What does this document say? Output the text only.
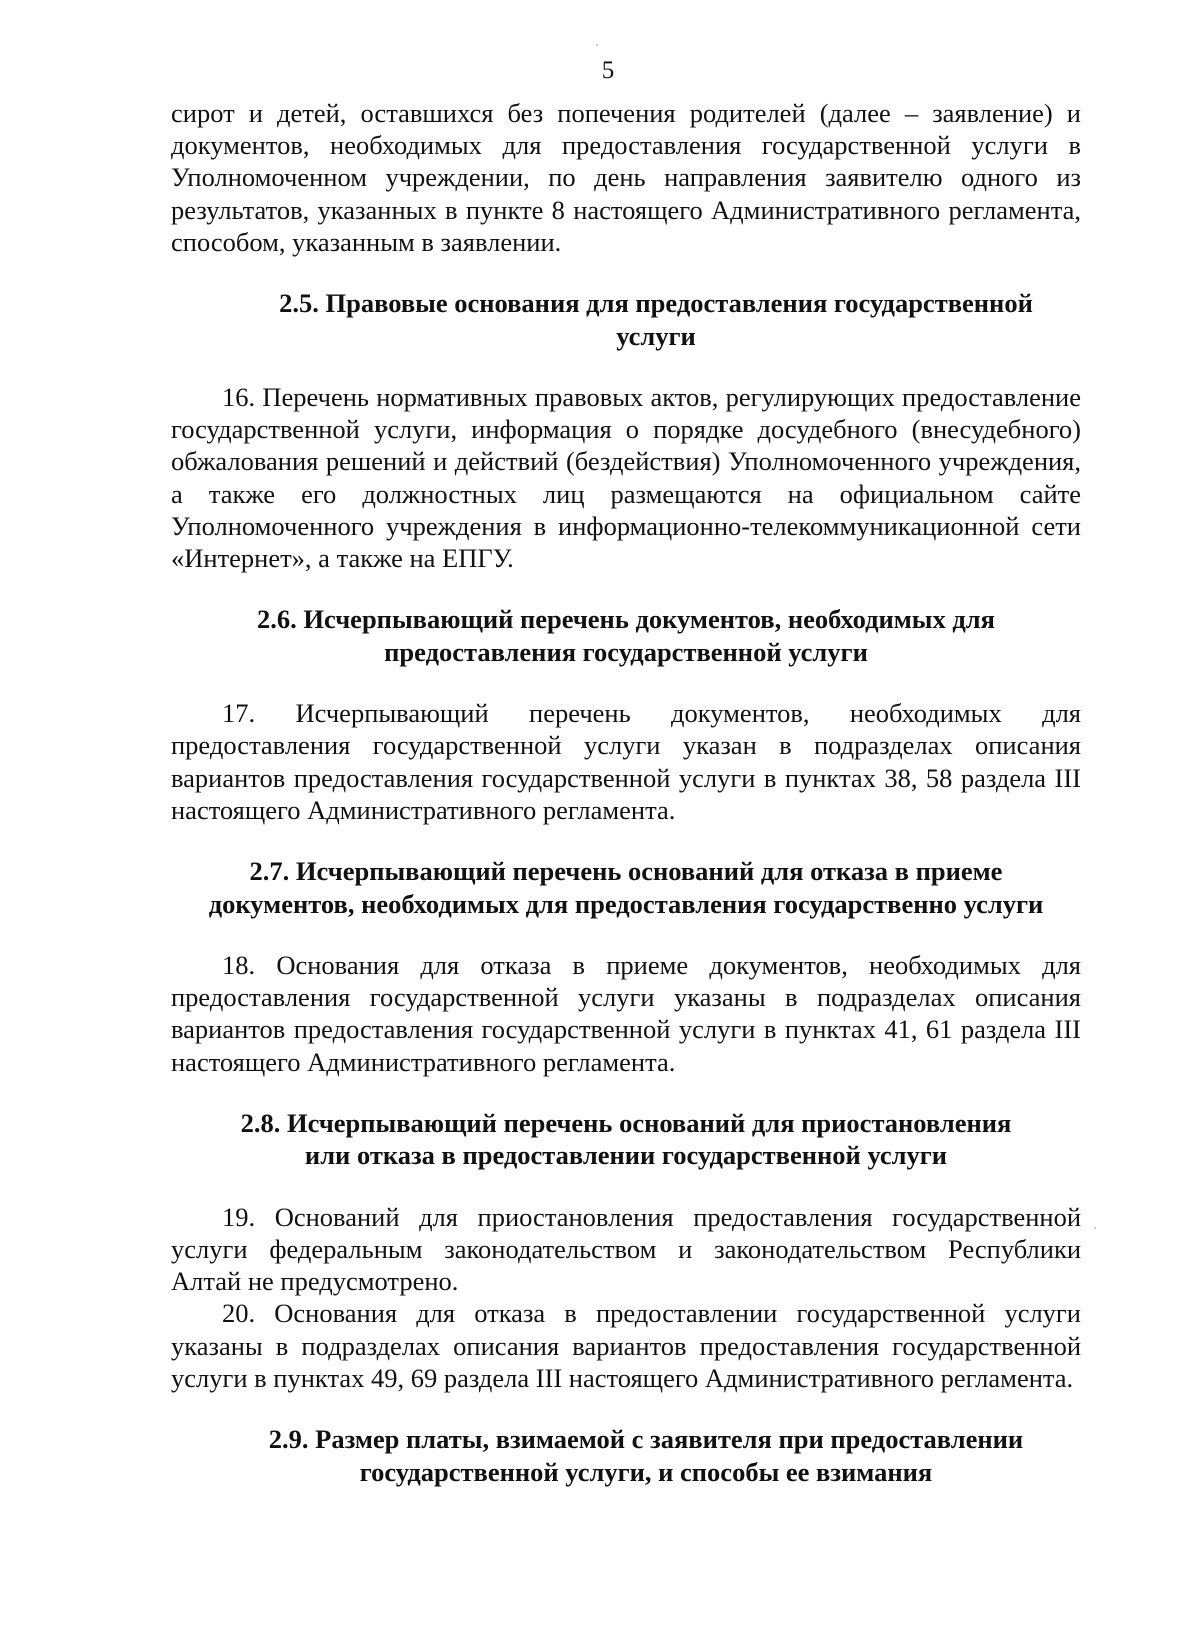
5

сирот и детей, оставшихся без попечения родителей (далее – заявление) и документов, необходимых для предоставления государственной услуги в Уполномоченном учреждении, по день направления заявителю одного из результатов, указанных в пункте 8 настоящего Административного регламента, способом, указанным в заявлении.

2.5. Правовые основания для предоставления государственной
услуги

16. Перечень нормативных правовых актов, регулирующих предоставление государственной услуги, информация о порядке досудебного (внесудебного) обжалования решений и действий (бездействия) Уполномоченного учреждения, а также его должностных лиц размещаются на официальном сайте Уполномоченного учреждения в информационно-телекоммуникационной сети «Интернет», а также на ЕПГУ.

2.6. Исчерпывающий перечень документов, необходимых для
предоставления государственной услуги

17. Исчерпывающий перечень документов, необходимых для предоставления государственной услуги указан в подразделах описания вариантов предоставления государственной услуги в пунктах 38, 58 раздела III настоящего Административного регламента.

2.7. Исчерпывающий перечень оснований для отказа в приеме
документов, необходимых для предоставления государственно услуги

18. Основания для отказа в приеме документов, необходимых для предоставления государственной услуги указаны в подразделах описания вариантов предоставления государственной услуги в пунктах 41, 61 раздела III настоящего Административного регламента.

2.8. Исчерпывающий перечень оснований для приостановления
или отказа в предоставлении государственной услуги

19. Оснований для приостановления предоставления государственной услуги федеральным законодательством и законодательством Республики Алтай не предусмотрено.

20. Основания для отказа в предоставлении государственной услуги указаны в подразделах описания вариантов предоставления государственной услуги в пунктах 49, 69 раздела III настоящего Административного регламента.

2.9. Размер платы, взимаемой с заявителя при предоставлении
государственной услуги, и способы ее взимания
